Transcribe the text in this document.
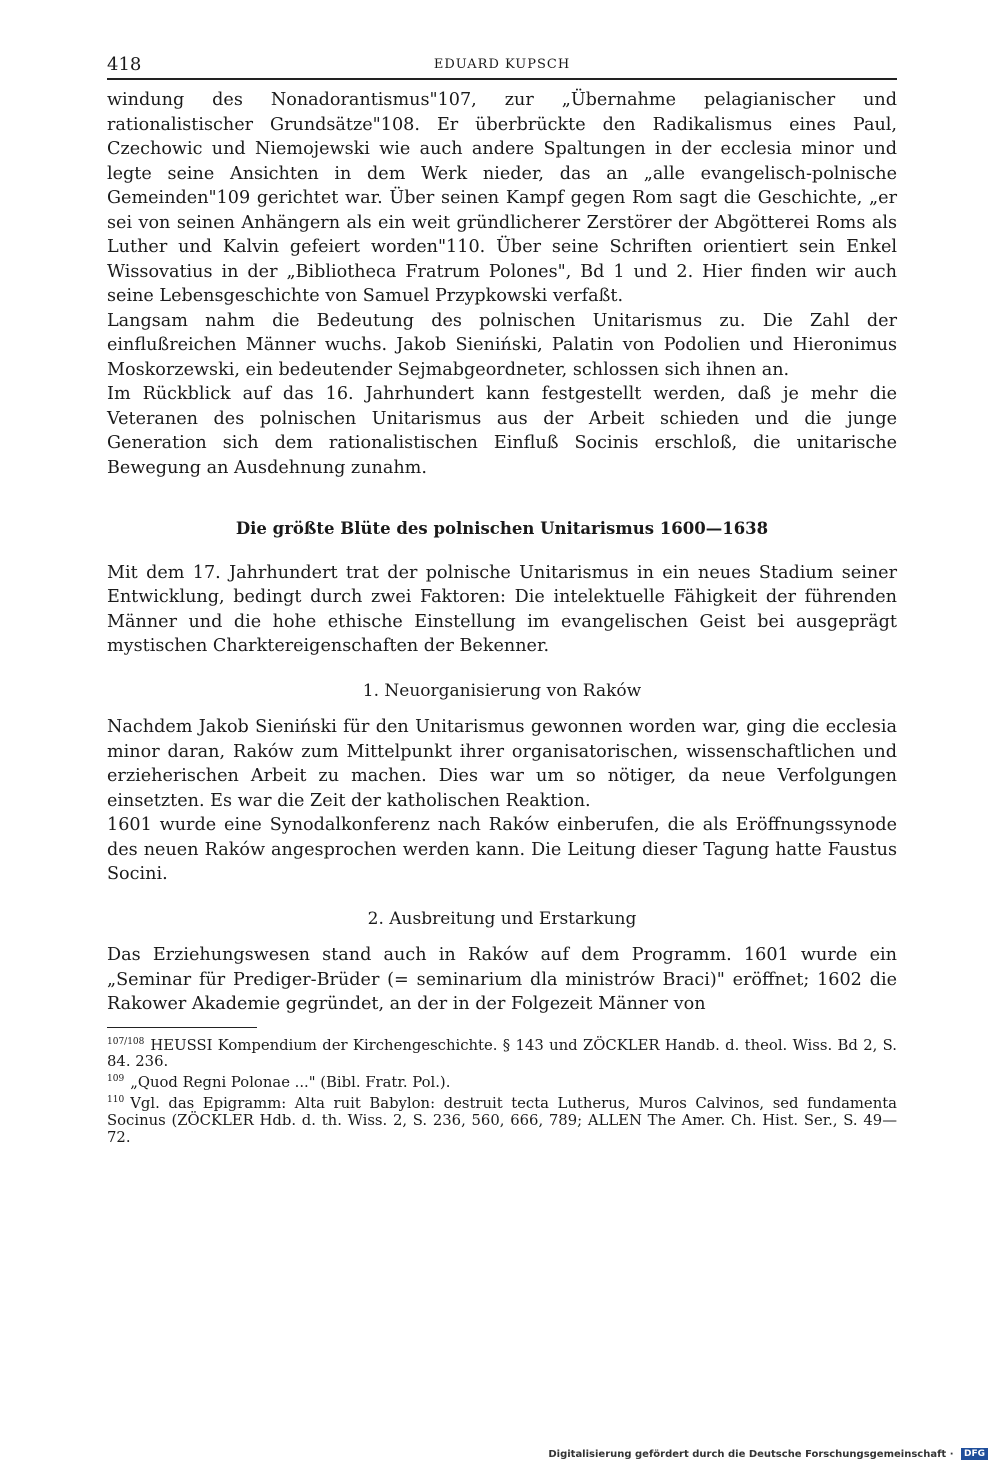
418	EDUARD KUPSCH

windung des Nonadorantismus"107, zur „Übernahme pelagianischer und rationalistischer Grundsätze"108. Er überbrückte den Radikalismus eines Paul, Czechowic und Niemojewski wie auch andere Spaltungen in der ecclesia minor und legte seine Ansichten in dem Werk nieder, das an „alle evangelisch-polnische Gemeinden"109 gerichtet war. Über seinen Kampf gegen Rom sagt die Geschichte, „er sei von seinen Anhängern als ein weit gründlicherer Zerstörer der Abgötterei Roms als Luther und Kalvin gefeiert worden"110. Über seine Schriften orientiert sein Enkel Wissovatius in der „Bibliotheca Fratrum Polones", Bd 1 und 2. Hier finden wir auch seine Lebensgeschichte von Samuel Przypkowski verfaßt.

Langsam nahm die Bedeutung des polnischen Unitarismus zu. Die Zahl der einflußreichen Männer wuchs. Jakob Sieniński, Palatin von Podolien und Hieronimus Moskorzewski, ein bedeutender Sejmabgeordneter, schlossen sich ihnen an.

Im Rückblick auf das 16. Jahrhundert kann festgestellt werden, daß je mehr die Veteranen des polnischen Unitarismus aus der Arbeit schieden und die junge Generation sich dem rationalistischen Einfluß Socinis erschloß, die unitarische Bewegung an Ausdehnung zunahm.

Die größte Blüte des polnischen Unitarismus 1600—1638

Mit dem 17. Jahrhundert trat der polnische Unitarismus in ein neues Stadium seiner Entwicklung, bedingt durch zwei Faktoren: Die intelektuelle Fähigkeit der führenden Männer und die hohe ethische Einstellung im evangelischen Geist bei ausgeprägt mystischen Charktereigenschaften der Bekenner.

1. Neuorganisierung von Raków

Nachdem Jakob Sieniński für den Unitarismus gewonnen worden war, ging die ecclesia minor daran, Raków zum Mittelpunkt ihrer organisatorischen, wissenschaftlichen und erzieherischen Arbeit zu machen. Dies war um so nötiger, da neue Verfolgungen einsetzten. Es war die Zeit der katholischen Reaktion.

1601 wurde eine Synodalkonferenz nach Raków einberufen, die als Eröffnungssynode des neuen Raków angesprochen werden kann. Die Leitung dieser Tagung hatte Faustus Socini.

2. Ausbreitung und Erstarkung

Das Erziehungswesen stand auch in Raków auf dem Programm. 1601 wurde ein „Seminar für Prediger-Brüder (= seminarium dla ministrów Braci)" eröffnet; 1602 die Rakower Akademie gegründet, an der in der Folgezeit Männer von

$^{107/108}$ HEUSSI Kompendium der Kirchengeschichte. § 143 und ZÖCKLER Handb. d. theol. Wiss. Bd 2, S. 84. 236.

$^{109}$ „Quod Regni Polonae ..." (Bibl. Fratr. Pol.).

$^{110}$ Vgl. das Epigramm: Alta ruit Babylon: destruit tecta Lutherus, Muros Calvinos, sed fundamenta Socinus (ZÖCKLER Hdb. d. th. Wiss. 2, S. 236, 560, 666, 789; ALLEN The Amer. Ch. Hist. Ser., S. 49—72.

Digitalisierung gefördert durch die Deutsche Forschungsgemeinschaft · DFG
